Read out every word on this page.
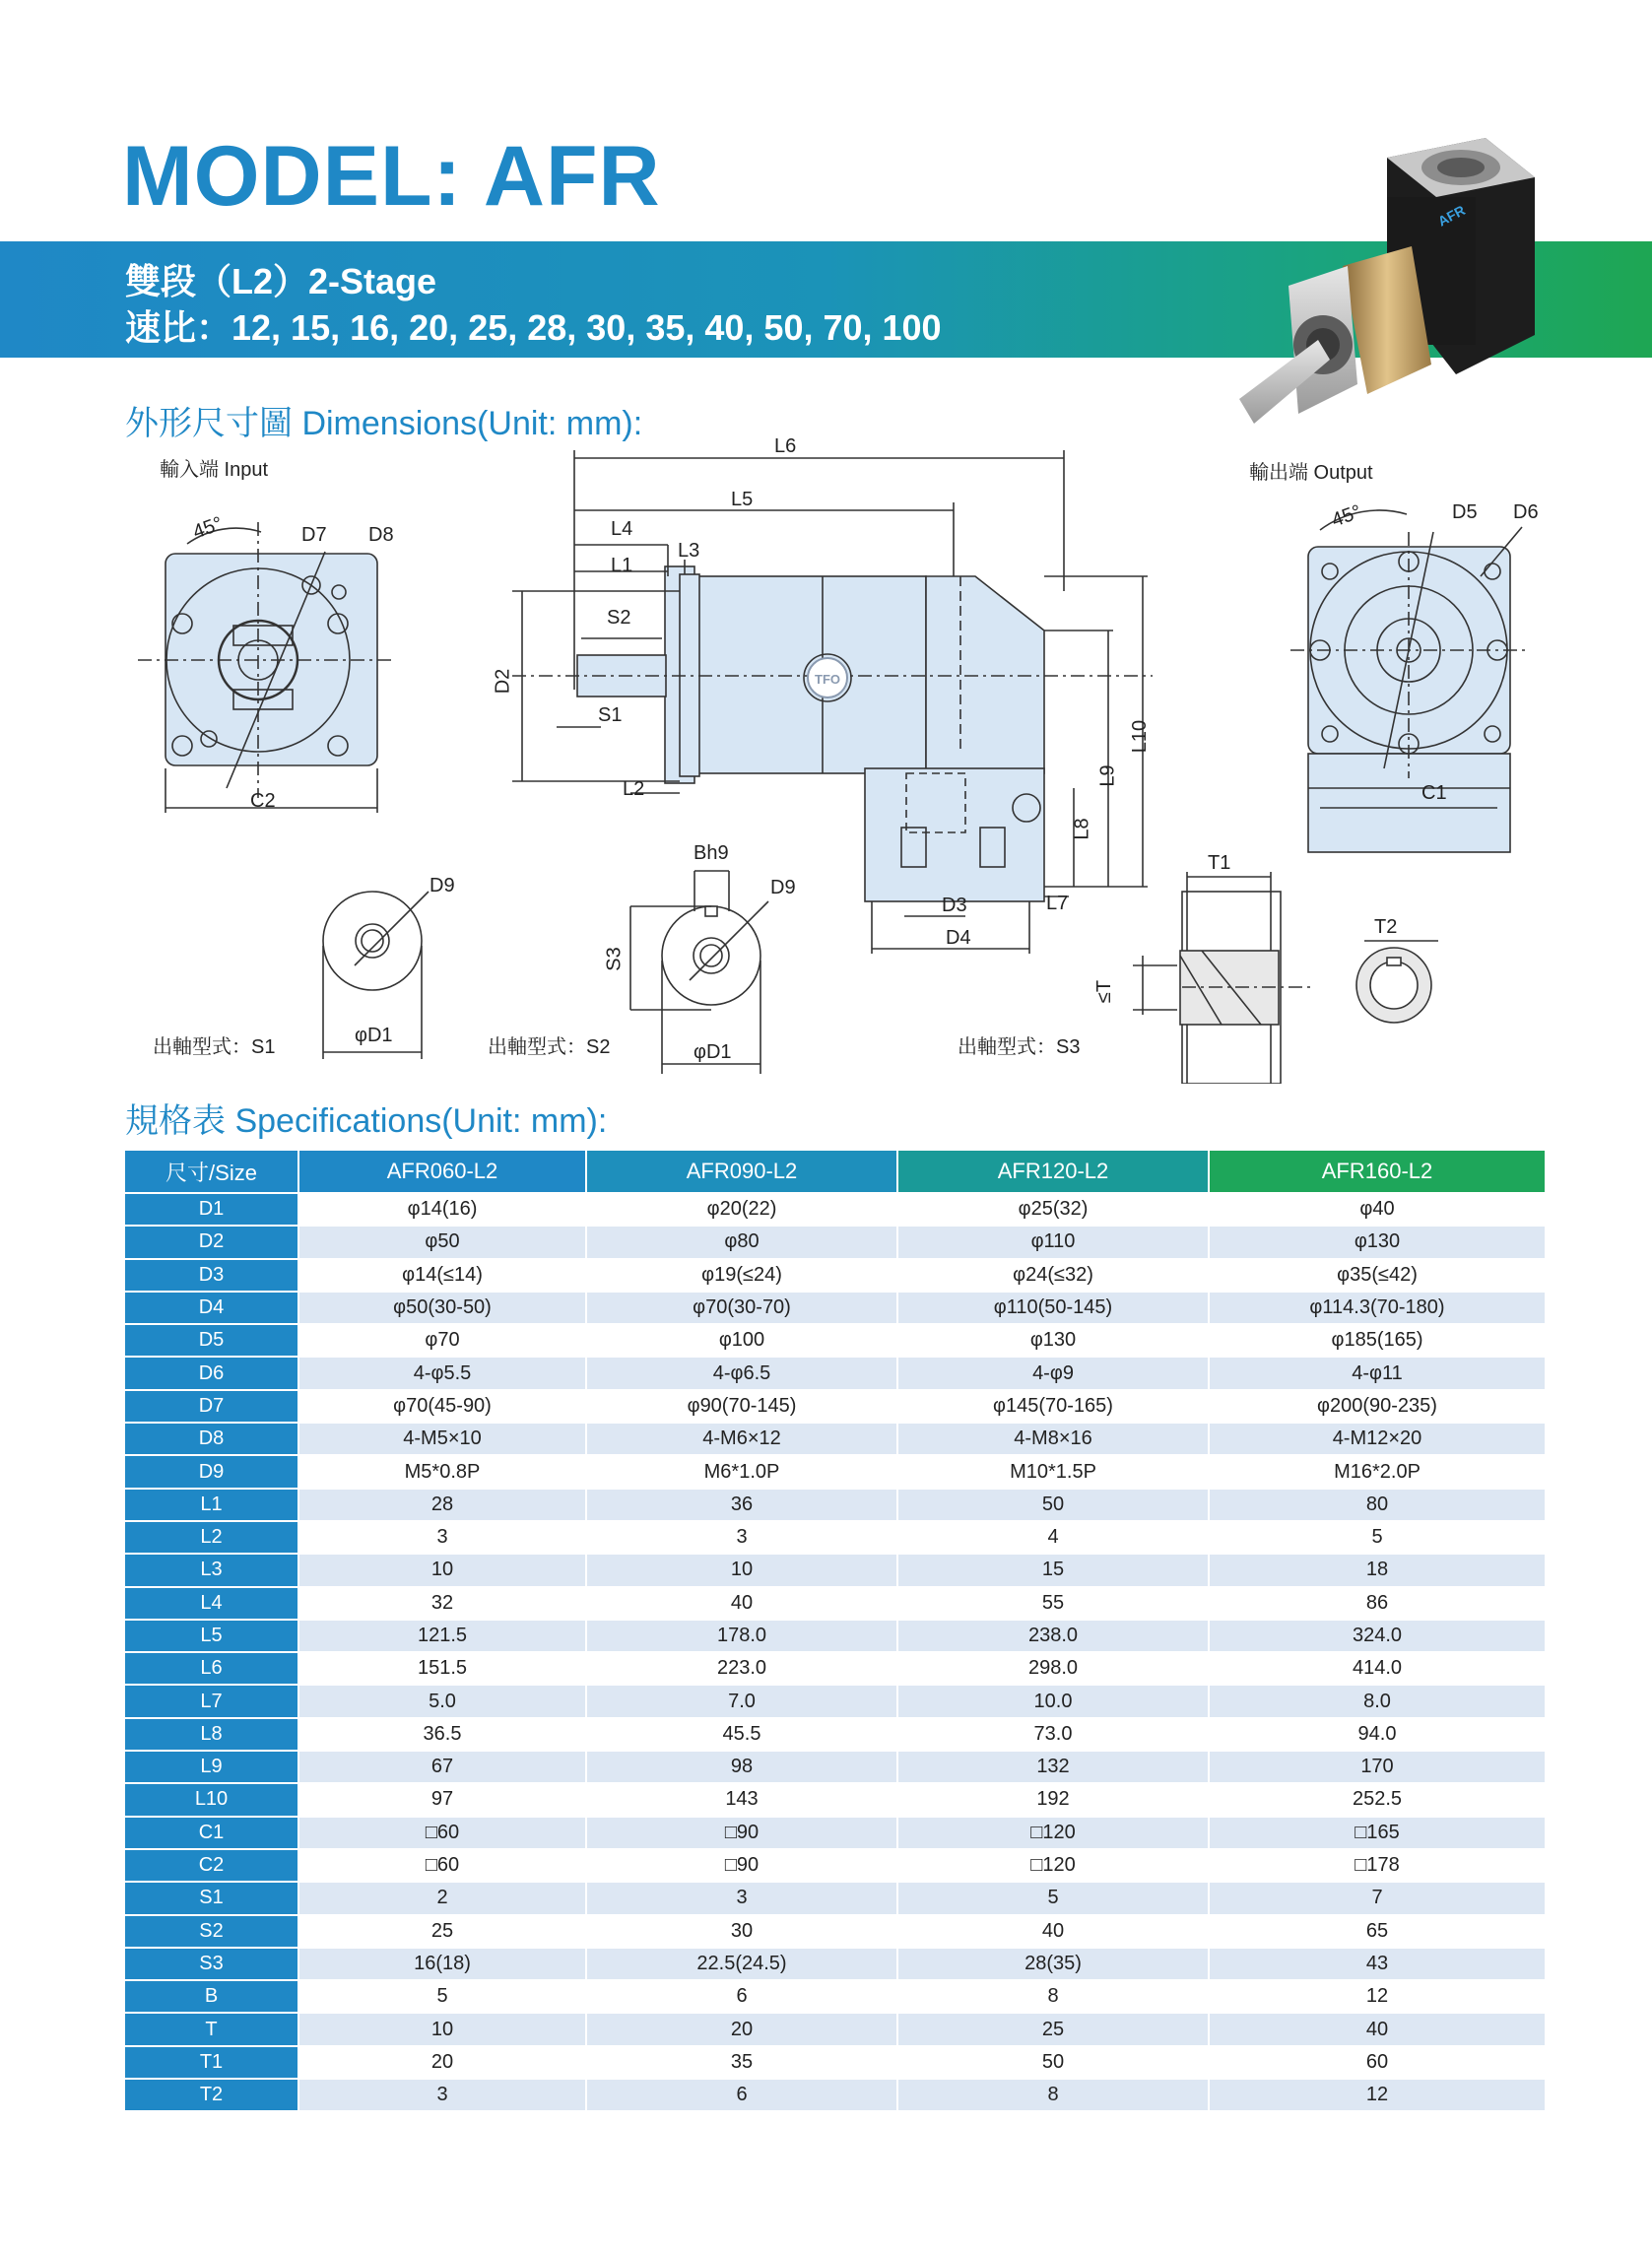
MODEL: AFR
雙段（L2）2-Stage
速比：12, 15, 16, 20, 25, 28, 30, 35, 40, 50, 70, 100
AFR
外形尺寸圖 Dimensions(Unit: mm):
規格表 Specifications(Unit: mm):
TFO
輸入端 Input	輸出端 Output
45°	D7 D8
C2
L6
L5
L4
L3
L1
S2
S1
D2
L2
L10
L9
L8
L7
D3
D4
45°	D5 D6
C1
D9
φD1
Bh9
D9
S3
φD1
T1
T2
≤T
出軸型式：S1	出軸型式：S2	出軸型式：S3
尺寸/Size	AFR060-L2	AFR090-L2	AFR120-L2	AFR160-L2
D1	φ14(16)	φ20(22)	φ25(32)	φ40
D2	φ50	φ80	φ110	φ130
D3	φ14(≤14)	φ19(≤24)	φ24(≤32)	φ35(≤42)
D4	φ50(30-50)	φ70(30-70)	φ110(50-145)	φ114.3(70-180)
D5	φ70	φ100	φ130	φ185(165)
D6	4-φ5.5	4-φ6.5	4-φ9	4-φ11
D7	φ70(45-90)	φ90(70-145)	φ145(70-165)	φ200(90-235)
D8	4-M5×10	4-M6×12	4-M8×16	4-M12×20
D9	M5*0.8P	M6*1.0P	M10*1.5P	M16*2.0P
L1	28	36	50	80
L2	3	3	4	5
L3	10	10	15	18
L4	32	40	55	86
L5	121.5	178.0	238.0	324.0
L6	151.5	223.0	298.0	414.0
L7	5.0	7.0	10.0	8.0
L8	36.5	45.5	73.0	94.0
L9	67	98	132	170
L10	97	143	192	252.5
C1	□60	□90	□120	□165
C2	□60	□90	□120	□178
S1	2	3	5	7
S2	25	30	40	65
S3	16(18)	22.5(24.5)	28(35)	43
B	5	6	8	12
T	10	20	25	40
T1	20	35	50	60
T2	3	6	8	12
